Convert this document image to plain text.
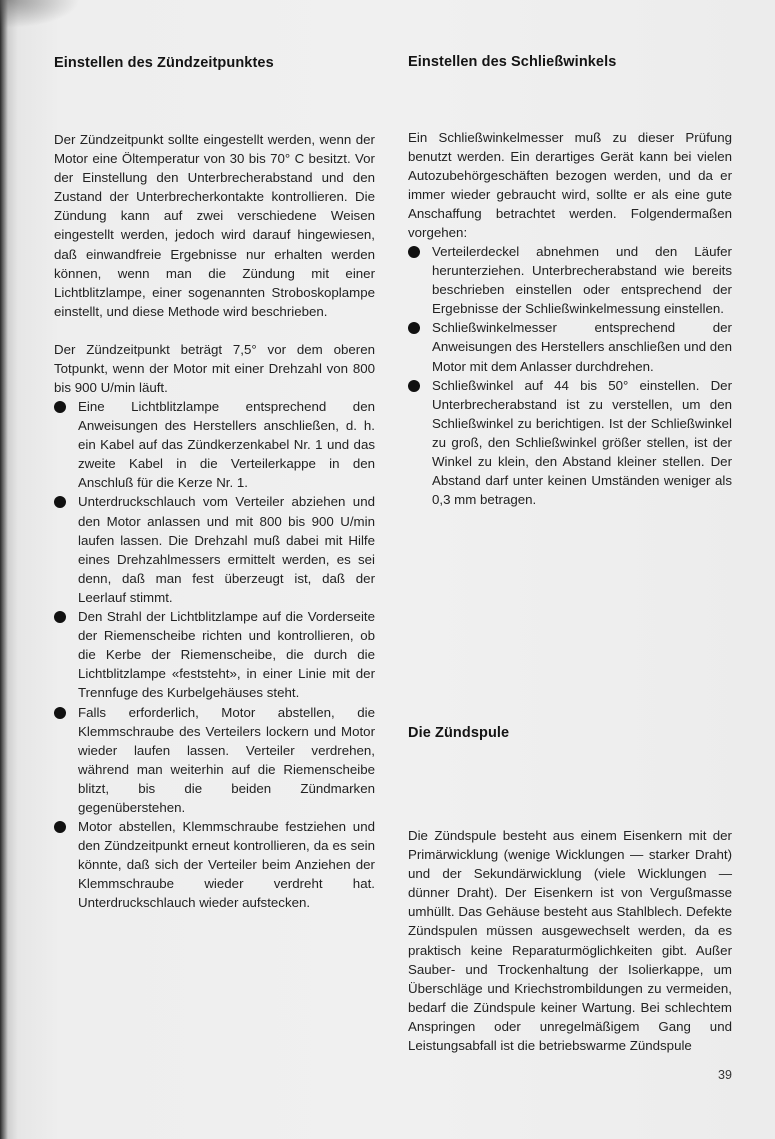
Einstellen des Zündzeitpunktes

Der Zündzeitpunkt sollte eingestellt werden, wenn der Motor eine Öltemperatur von 30 bis 70° C besitzt. Vor der Einstellung den Unterbrecherabstand und den Zustand der Unterbrecherkontakte kontrollieren. Die Zündung kann auf zwei verschiedene Weisen eingestellt werden, jedoch wird darauf hingewiesen, daß einwandfreie Ergebnisse nur erhalten werden können, wenn man die Zündung mit einer Lichtblitzlampe, einer sogenannten Stroboskoplampe einstellt, und diese Methode wird beschrieben.

Der Zündzeitpunkt beträgt 7,5° vor dem oberen Totpunkt, wenn der Motor mit einer Drehzahl von 800 bis 900 U/min läuft.

Eine Lichtblitzlampe entsprechend den Anweisungen des Herstellers anschließen, d. h. ein Kabel auf das Zündkerzenkabel Nr. 1 und das zweite Kabel in die Verteilerkappe in den Anschluß für die Kerze Nr. 1.
Unterdruckschlauch vom Verteiler abziehen und den Motor anlassen und mit 800 bis 900 U/min laufen lassen. Die Drehzahl muß dabei mit Hilfe eines Drehzahlmessers ermittelt werden, es sei denn, daß man fest überzeugt ist, daß der Leerlauf stimmt.
Den Strahl der Lichtblitzlampe auf die Vorderseite der Riemenscheibe richten und kontrollieren, ob die Kerbe der Riemenscheibe, die durch die Lichtblitzlampe «feststeht», in einer Linie mit der Trennfuge des Kurbelgehäuses steht.
Falls erforderlich, Motor abstellen, die Klemmschraube des Verteilers lockern und Motor wieder laufen lassen. Verteiler verdrehen, während man weiterhin auf die Riemenscheibe blitzt, bis die beiden Zündmarken gegenüberstehen.
Motor abstellen, Klemmschraube festziehen und den Zündzeitpunkt erneut kontrollieren, da es sein könnte, daß sich der Verteiler beim Anziehen der Klemmschraube wieder verdreht hat. Unterdruckschlauch wieder aufstecken.
Einstellen des Schließwinkels

Ein Schließwinkelmesser muß zu dieser Prüfung benutzt werden. Ein derartiges Gerät kann bei vielen Autozubehörgeschäften bezogen werden, und da er immer wieder gebraucht wird, sollte er als eine gute Anschaffung betrachtet werden. Folgendermaßen vorgehen:

Verteilerdeckel abnehmen und den Läufer herunterziehen. Unterbrecherabstand wie bereits beschrieben einstellen oder entsprechend der Ergebnisse der Schließwinkelmessung einstellen.
Schließwinkelmesser entsprechend der Anweisungen des Herstellers anschließen und den Motor mit dem Anlasser durchdrehen.
Schließwinkel auf 44 bis 50° einstellen. Der Unterbrecherabstand ist zu verstellen, um den Schließwinkel zu berichtigen. Ist der Schließwinkel zu groß, den Schließwinkel größer stellen, ist der Winkel zu klein, den Abstand kleiner stellen. Der Abstand darf unter keinen Umständen weniger als 0,3 mm betragen.
Die Zündspule

Die Zündspule besteht aus einem Eisenkern mit der Primärwicklung (wenige Wicklungen — starker Draht) und der Sekundärwicklung (viele Wicklungen — dünner Draht). Der Eisenkern ist von Vergußmasse umhüllt. Das Gehäuse besteht aus Stahlblech. Defekte Zündspulen müssen ausgewechselt werden, da es praktisch keine Reparaturmöglichkeiten gibt. Außer Sauber- und Trockenhaltung der Isolierkappe, um Überschläge und Kriechstrombildungen zu vermeiden, bedarf die Zündspule keiner Wartung. Bei schlechtem Anspringen oder unregelmäßigem Gang und Leistungsabfall ist die betriebswarme Zündspule

39
